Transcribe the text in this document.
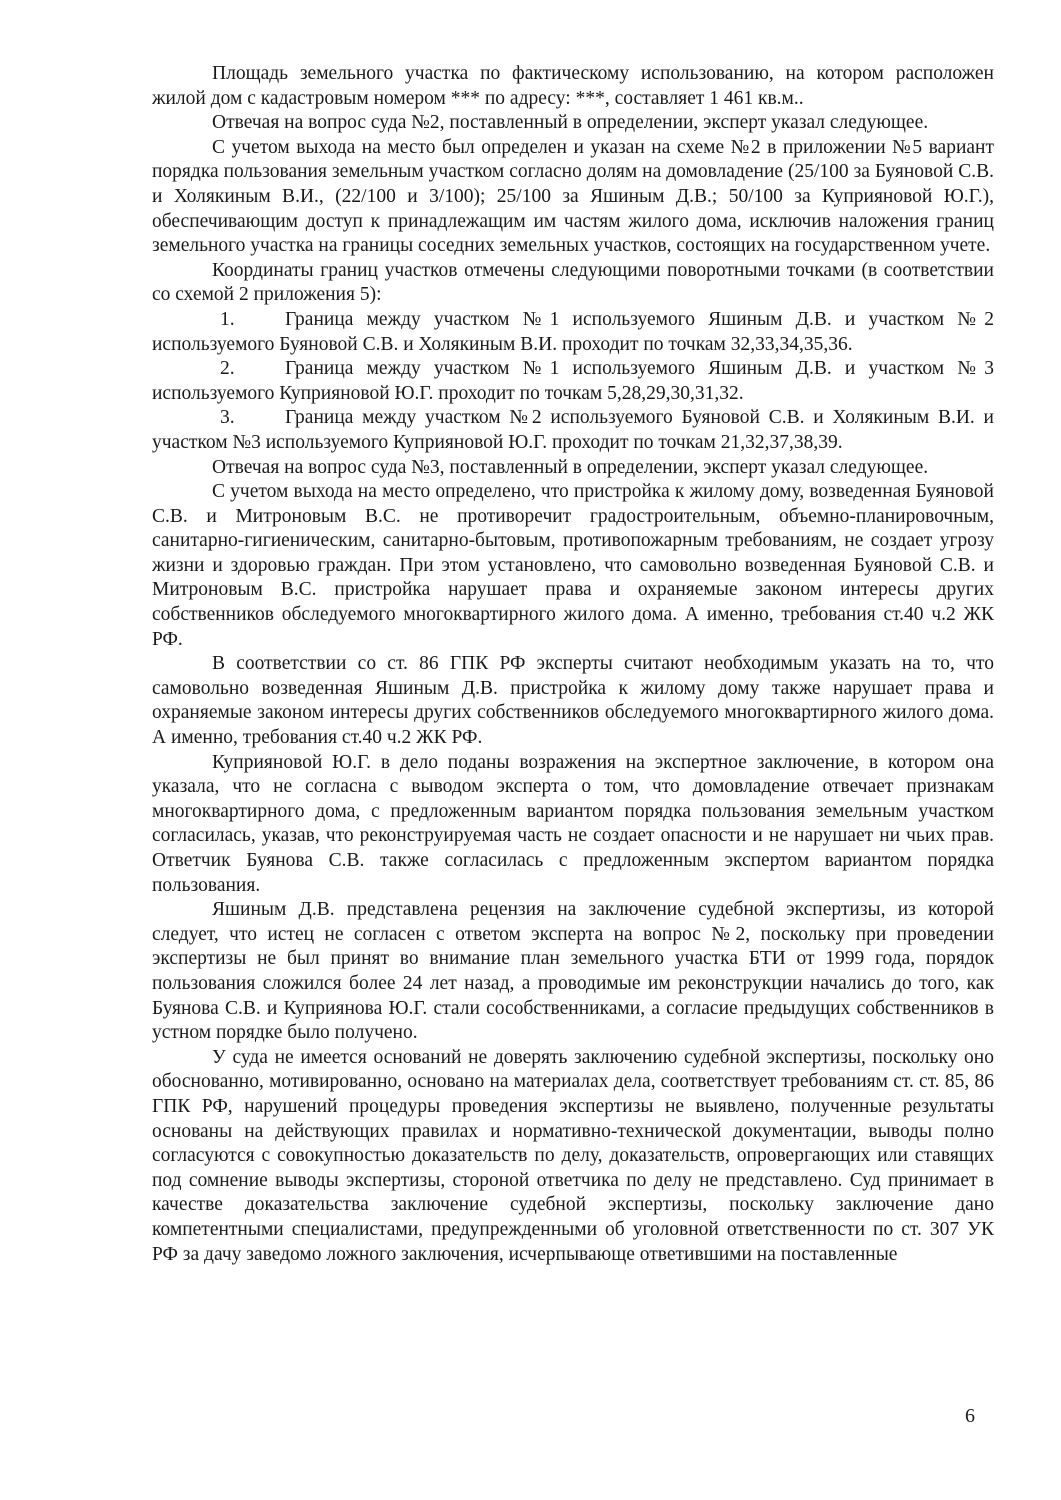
Площадь земельного участка по фактическому использованию, на котором расположен жилой дом с кадастровым номером *** по адресу: ***, составляет 1 461 кв.м..

Отвечая на вопрос суда №2, поставленный в определении, эксперт указал следующее.

С учетом выхода на место был определен и указан на схеме №2 в приложении №5 вариант порядка пользования земельным участком согласно долям на домовладение (25/100 за Буяновой С.В. и Холякиным В.И., (22/100 и 3/100); 25/100 за Яшиным Д.В.; 50/100 за Куприяновой Ю.Г.), обеспечивающим доступ к принадлежащим им частям жилого дома, исключив наложения границ земельного участка на границы соседних земельных участков, состоящих на государственном учете.

Координаты границ участков отмечены следующими поворотными точками (в соответствии со схемой 2 приложения 5):

1.	Граница между участком №1 используемого Яшиным Д.В. и участком №2 используемого Буяновой С.В. и Холякиным В.И. проходит по точкам 32,33,34,35,36.

2.	Граница между участком №1 используемого Яшиным Д.В. и участком №3 используемого Куприяновой Ю.Г. проходит по точкам 5,28,29,30,31,32.

3.	Граница между участком №2 используемого Буяновой С.В. и Холякиным В.И. и участком №3 используемого Куприяновой Ю.Г. проходит по точкам 21,32,37,38,39.

Отвечая на вопрос суда №3, поставленный в определении, эксперт указал следующее.

С учетом выхода на место определено, что пристройка к жилому дому, возведенная Буяновой С.В. и Митроновым В.С. не противоречит градостроительным, объемно-планировочным, санитарно-гигиеническим, санитарно-бытовым, противопожарным требованиям, не создает угрозу жизни и здоровью граждан. При этом установлено, что самовольно возведенная Буяновой С.В. и Митроновым В.С. пристройка нарушает права и охраняемые законом интересы других собственников обследуемого многоквартирного жилого дома. А именно, требования ст.40 ч.2 ЖК РФ.

В соответствии со ст. 86 ГПК РФ эксперты считают необходимым указать на то, что самовольно возведенная Яшиным Д.В. пристройка к жилому дому также нарушает права и охраняемые законом интересы других собственников обследуемого многоквартирного жилого дома. А именно, требования ст.40 ч.2 ЖК РФ.

Куприяновой Ю.Г. в дело поданы возражения на экспертное заключение, в котором она указала, что не согласна с выводом эксперта о том, что домовладение отвечает признакам многоквартирного дома, с предложенным вариантом порядка пользования земельным участком согласилась, указав, что реконструируемая часть не создает опасности и не нарушает ни чьих прав. Ответчик Буянова С.В. также согласилась с предложенным экспертом вариантом порядка пользования.

Яшиным Д.В. представлена рецензия на заключение судебной экспертизы, из которой следует, что истец не согласен с ответом эксперта на вопрос №2, поскольку при проведении экспертизы не был принят во внимание план земельного участка БТИ от 1999 года, порядок пользования сложился более 24 лет назад, а проводимые им реконструкции начались до того, как Буянова С.В. и Куприянова Ю.Г. стали сособственниками, а согласие предыдущих собственников в устном порядке было получено.

У суда не имеется оснований не доверять заключению судебной экспертизы, поскольку оно обоснованно, мотивированно, основано на материалах дела, соответствует требованиям ст. ст. 85, 86 ГПК РФ, нарушений процедуры проведения экспертизы не выявлено, полученные результаты основаны на действующих правилах и нормативно-технической документации, выводы полно согласуются с совокупностью доказательств по делу, доказательств, опровергающих или ставящих под сомнение выводы экспертизы, стороной ответчика по делу не представлено. Суд принимает в качестве доказательства заключение судебной экспертизы, поскольку заключение дано компетентными специалистами, предупрежденными об уголовной ответственности по ст. 307 УК РФ за дачу заведомо ложного заключения, исчерпывающе ответившими на поставленные

6
